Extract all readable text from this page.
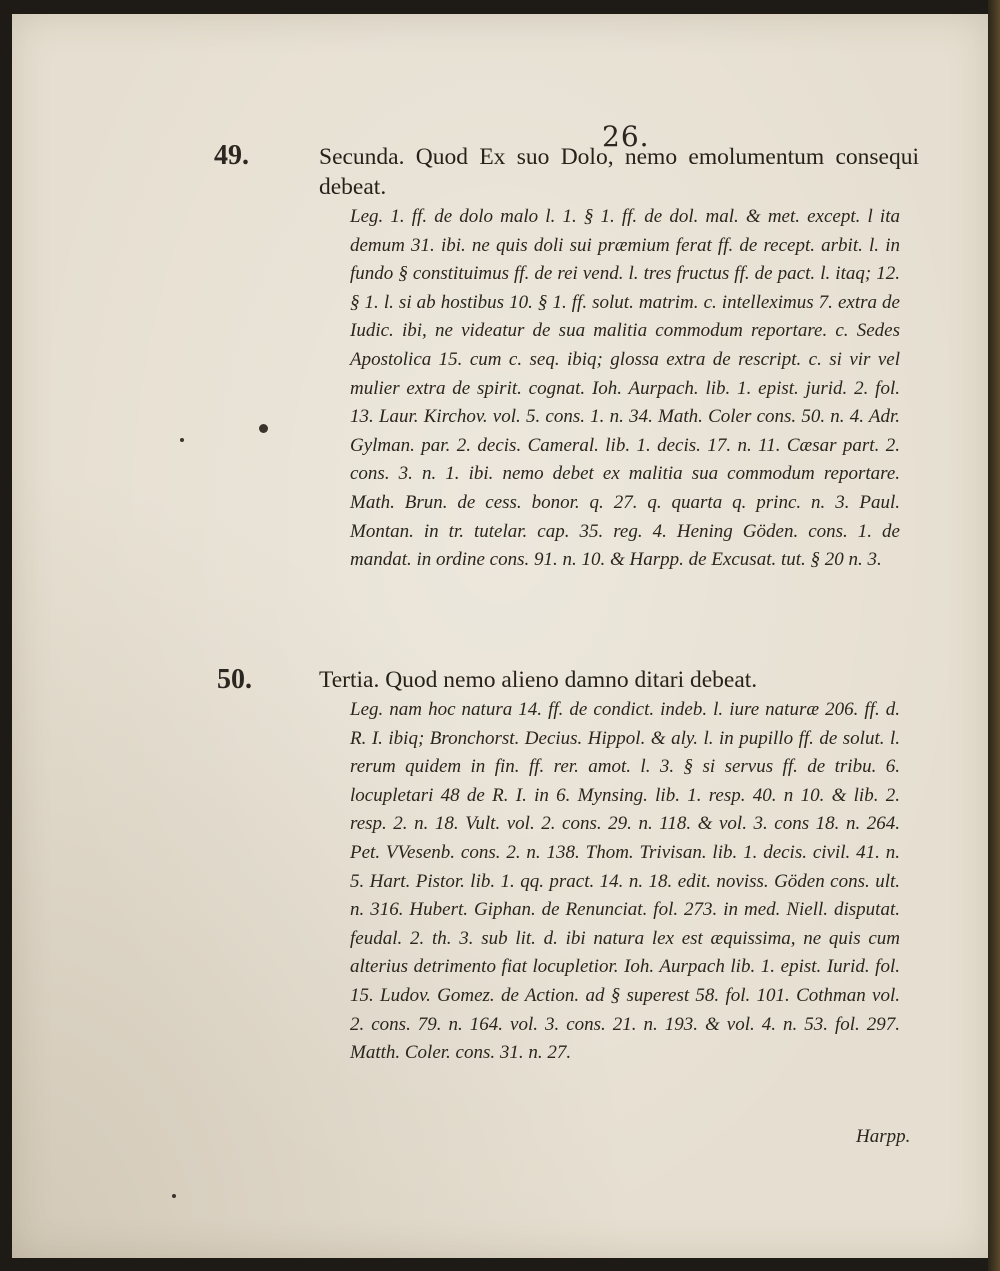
26.
49.	Secunda. Quod Ex suo Dolo, nemo emolumentum consequi debeat.

Leg. 1. ff. de dolo malo l. 1. § 1. ff. de dol. mal. & met. except. l ita demum 31. ibi. ne quis doli sui præmium ferat ff. de recept. arbit. l. in fundo § constituimus ff. de rei vend. l. tres fructus ff. de pact. l. itaq; 12. § 1. l. si ab hostibus 10. § 1. ff. solut. matrim. c. intelleximus 7. extra de Iudic. ibi, ne videatur de sua malitia commodum reportare. c. Sedes Apostolica 15. cum c. seq. ibiq; glossa extra de rescript. c. si vir vel mulier extra de spirit. cognat. Ioh. Aurpach. lib. 1. epist. jurid. 2. fol. 13. Laur. Kirchov. vol. 5. cons. 1. n. 34. Math. Coler cons. 50. n. 4. Adr. Gylman. par. 2. decis. Cameral. lib. 1. decis. 17. n. 11. Cæsar part. 2. cons. 3. n. 1. ibi. nemo debet ex malitia sua commodum reportare. Math. Brun. de cess. bonor. q. 27. q. quarta q. princ. n. 3. Paul. Montan. in tr. tutelar. cap. 35. reg. 4. Hening Göden. cons. 1. de mandat. in ordine cons. 91. n. 10. & Harpp. de Excusat. tut. § 20 n. 3.

50.	Tertia. Quod nemo alieno damno ditari debeat.

Leg. nam hoc natura 14. ff. de condict. indeb. l. iure naturæ 206. ff. d. R. I. ibiq; Bronchorst. Decius. Hippol. & aly. l. in pupillo ff. de solut. l. rerum quidem in fin. ff. rer. amot. l. 3. § si servus ff. de tribu. 6. locupletari 48 de R. I. in 6. Mynsing. lib. 1. resp. 40. n 10. & lib. 2. resp. 2. n. 18. Vult. vol. 2. cons. 29. n. 118. & vol. 3. cons 18. n. 264. Pet. VVesenb. cons. 2. n. 138. Thom. Trivisan. lib. 1. decis. civil. 41. n. 5. Hart. Pistor. lib. 1. qq. pract. 14. n. 18. edit. noviss. Göden cons. ult. n. 316. Hubert. Giphan. de Renunciat. fol. 273. in med. Niell. disputat. feudal. 2. th. 3. sub lit. d. ibi natura lex est æquissima, ne quis cum alterius detrimento fiat locupletior. Ioh. Aurpach lib. 1. epist. Iurid. fol. 15. Ludov. Gomez. de Action. ad § superest 58. fol. 101. Cothman vol. 2. cons. 79. n. 164. vol. 3. cons. 21. n. 193. & vol. 4. n. 53. fol. 297. Matth. Coler. cons. 31. n. 27.

Harpp.
